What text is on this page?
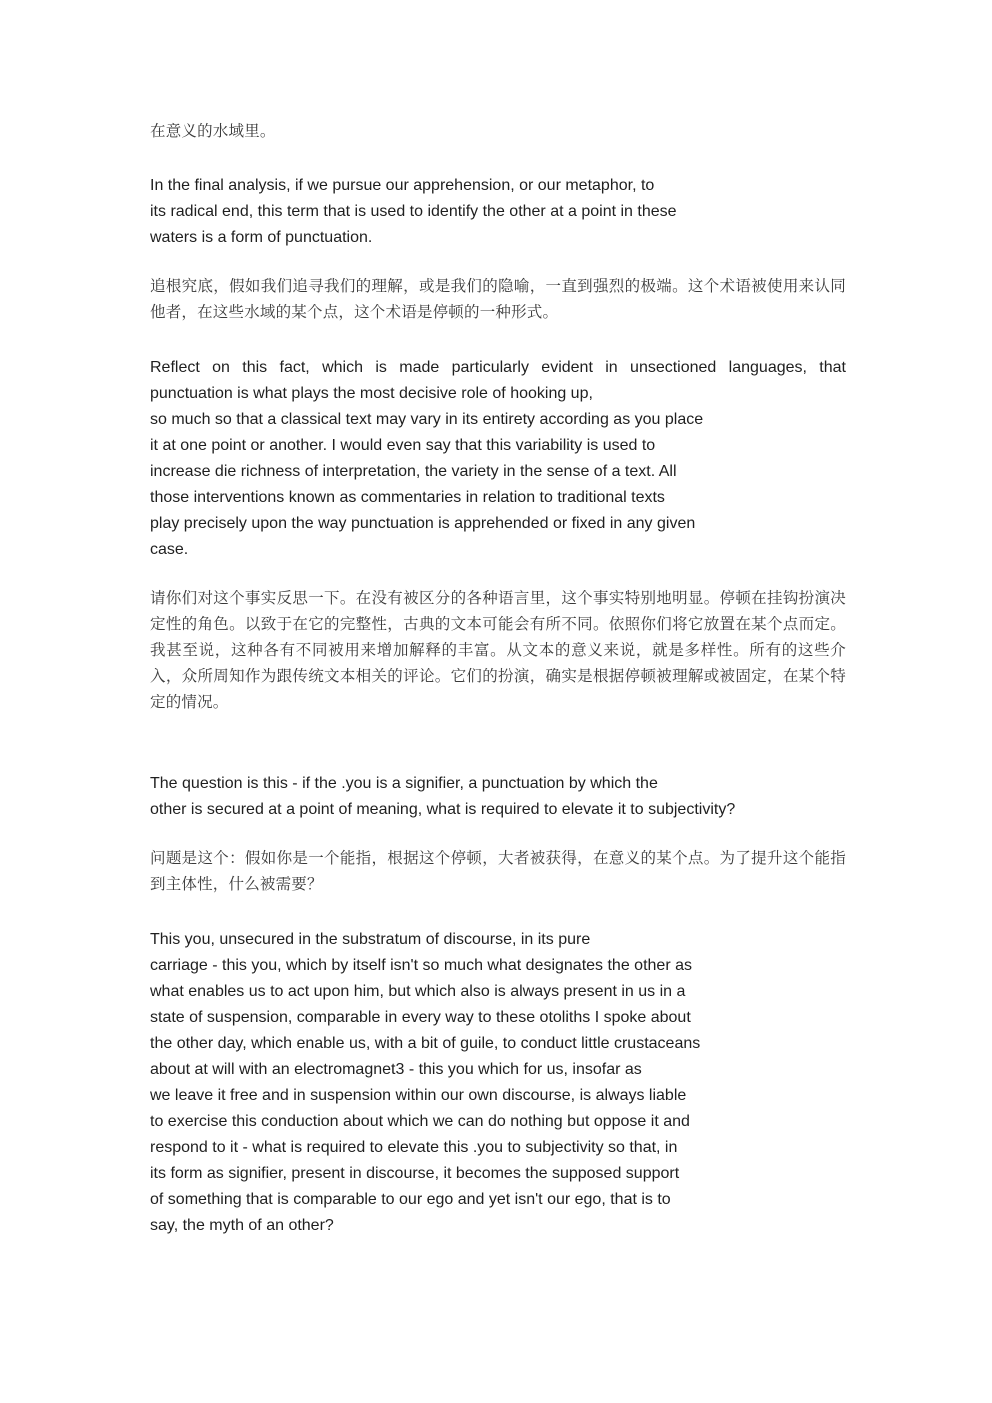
在意义的水域里。

In the final analysis, if we pursue our apprehension, or our metaphor, to
its radical end, this term that is used to identify the other at a point in these
waters is a form of punctuation.

追根究底，假如我们追寻我们的理解，或是我们的隐喻，一直到强烈的极端。这个术语被使用来认同他者，在这些水域的某个点，这个术语是停顿的一种形式。

Reflect on this fact, which is made particularly evident in unsectioned languages, that
punctuation is what plays the most decisive role of hooking up,
so much so that a classical text may vary in its entirety according as you place
it at one point or another. I would even say that this variability is used to
increase die richness of interpretation, the variety in the sense of a text. All
those interventions known as commentaries in relation to traditional texts
play precisely upon the way punctuation is apprehended or fixed in any given
case.

请你们对这个事实反思一下。在没有被区分的各种语言里，这个事实特别地明显。停顿在挂钩扮演决定性的角色。以致于在它的完整性，古典的文本可能会有所不同。依照你们将它放置在某个点而定。我甚至说，这种各有不同被用来增加解释的丰富。从文本的意义来说，就是多样性。所有的这些介入，众所周知作为跟传统文本相关的评论。它们的扮演，确实是根据停顿被理解或被固定，在某个特定的情况。

The question is this - if the .you is a signifier, a punctuation by which the
other is secured at a point of meaning, what is required to elevate it to subjectivity?

问题是这个：假如你是一个能指，根据这个停顿，大者被获得，在意义的某个点。为了提升这个能指到主体性，什么被需要？

This you, unsecured in the substratum of discourse, in its pure
carriage - this you, which by itself isn't so much what designates the other as
what enables us to act upon him, but which also is always present in us in a
state of suspension, comparable in every way to these otoliths I spoke about
the other day, which enable us, with a bit of guile, to conduct little crustaceans
about at will with an electromagnet3 - this you which for us, insofar as
we leave it free and in suspension within our own discourse, is always liable
to exercise this conduction about which we can do nothing but oppose it and
respond to it - what is required to elevate this .you to subjectivity so that, in
its form as signifier, present in discourse, it becomes the supposed support
of something that is comparable to our ego and yet isn't our ego, that is to
say, the myth of an other?
